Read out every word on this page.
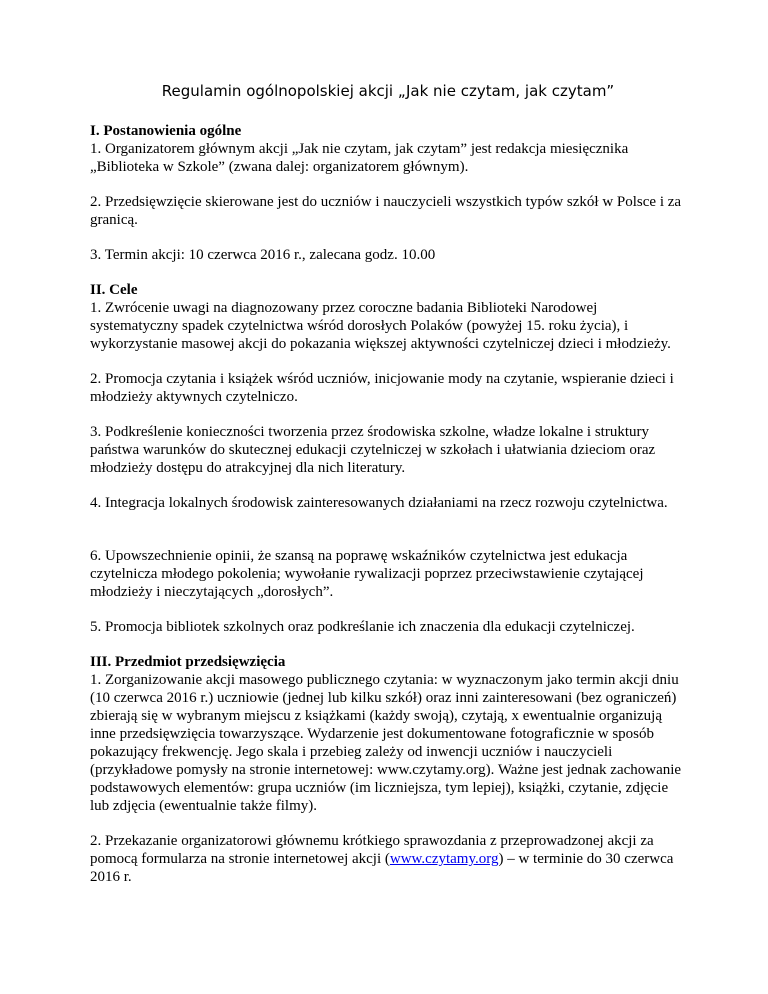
Regulamin ogólnopolskiej akcji „Jak nie czytam, jak czytam”

I. Postanowienia ogólne

1. Organizatorem głównym akcji „Jak nie czytam, jak czytam” jest redakcja miesięcznika „Biblioteka w Szkole” (zwana dalej: organizatorem głównym).

2. Przedsięwzięcie skierowane jest do uczniów i nauczycieli wszystkich typów szkół w Polsce i za granicą.

3. Termin akcji: 10 czerwca 2016 r., zalecana godz. 10.00

II. Cele

1. Zwrócenie uwagi na diagnozowany przez coroczne badania Biblioteki Narodowej systematyczny spadek czytelnictwa wśród dorosłych Polaków (powyżej 15. roku życia), i wykorzystanie masowej akcji do pokazania większej aktywności czytelniczej dzieci i młodzieży.

2. Promocja czytania i książek wśród uczniów, inicjowanie mody na czytanie, wspieranie dzieci i młodzieży aktywnych czytelniczo.

3. Podkreślenie konieczności tworzenia przez środowiska szkolne, władze lokalne i struktury państwa warunków do skutecznej edukacji czytelniczej w szkołach i ułatwiania dzieciom oraz młodzieży dostępu do atrakcyjnej dla nich literatury.

4. Integracja lokalnych środowisk zainteresowanych działaniami na rzecz rozwoju czytelnictwa.

6. Upowszechnienie opinii, że szansą na poprawę wskaźników czytelnictwa jest edukacja czytelnicza młodego pokolenia; wywołanie rywalizacji poprzez przeciwstawienie czytającej młodzieży i nieczytających „dorosłych”.

5. Promocja bibliotek szkolnych oraz podkreślanie ich znaczenia dla edukacji czytelniczej.

III. Przedmiot przedsięwzięcia

1. Zorganizowanie akcji masowego publicznego czytania: w wyznaczonym jako termin akcji dniu (10 czerwca 2016 r.) uczniowie (jednej lub kilku szkół) oraz inni zainteresowani (bez ograniczeń) zbierają się w wybranym miejscu z książkami (każdy swoją), czytają, x ewentualnie organizują inne przedsięwzięcia towarzyszące. Wydarzenie jest dokumentowane fotograficznie w sposób pokazujący frekwencję. Jego skala i przebieg zależy od inwencji uczniów i nauczycieli (przykładowe pomysły na stronie internetowej: www.czytamy.org). Ważne jest jednak zachowanie podstawowych elementów: grupa uczniów (im liczniejsza, tym lepiej), książki, czytanie, zdjęcie lub zdjęcia (ewentualnie także filmy).

2. Przekazanie organizatorowi głównemu krótkiego sprawozdania z przeprowadzonej akcji za pomocą formularza na stronie internetowej akcji (www.czytamy.org) – w terminie do 30 czerwca 2016 r.
